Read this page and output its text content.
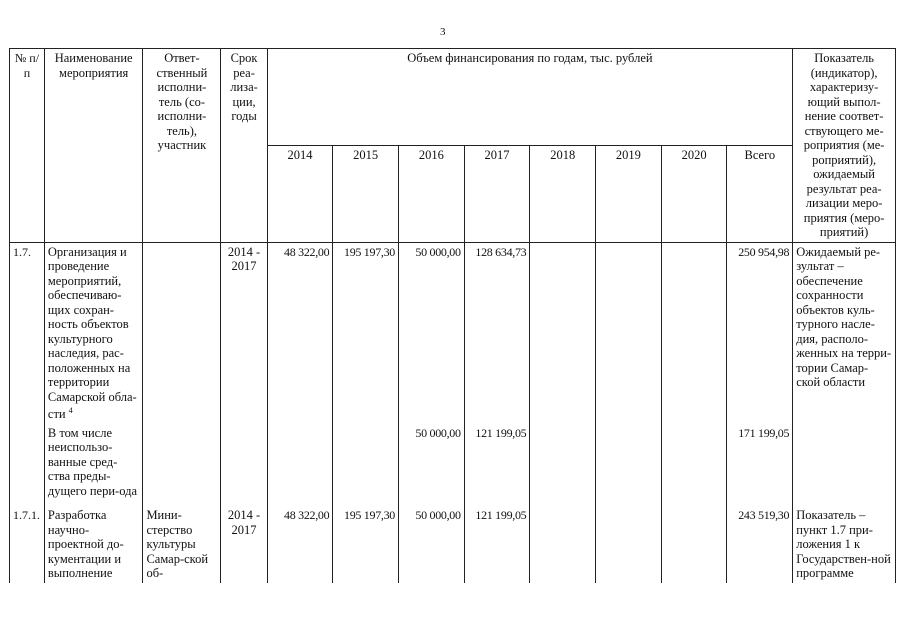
3
№ п/п	Наименование мероприятия	Ответ-ственный исполни-тель (со-исполни-тель), участник	Срок реа-лиза-ции, годы	Объем финансирования по годам, тыс. рублей								Показатель (индикатор), характеризу-ющий выпол-нение соответ-ствующего ме-роприятия (ме-роприятий), ожидаемый результат реа-лизации меро-приятия (меро-приятий)
				2014	2015	2016	2017	2018	2019	2020	Всего	
1.7.	Организация и проведение мероприятий, обеспечиваю-щих сохран-ность объектов культурного наследия, рас-положенных на территории Самарской обла-сти $^4$		2014 - 2017	48 322,00	195 197,30	50 000,00	128 634,73				250 954,98	Ожидаемый ре-зультат – обеспечение сохранности объектов куль-турного насле-дия, располо-женных на терри-тории Самар-ской области
	В том числе неиспользо-ванные сред-ства преды-дущего пери-ода					50 000,00	121 199,05				171 199,05	
1.7.1.	Разработка научно-проектной до-кументации и выполнение	Мини-стерство культуры Самар-ской об-	2014 - 2017	48 322,00	195 197,30	50 000,00	121 199,05				243 519,30	Показатель – пункт 1.7 при-ложения 1 к Государствен-ной программе
